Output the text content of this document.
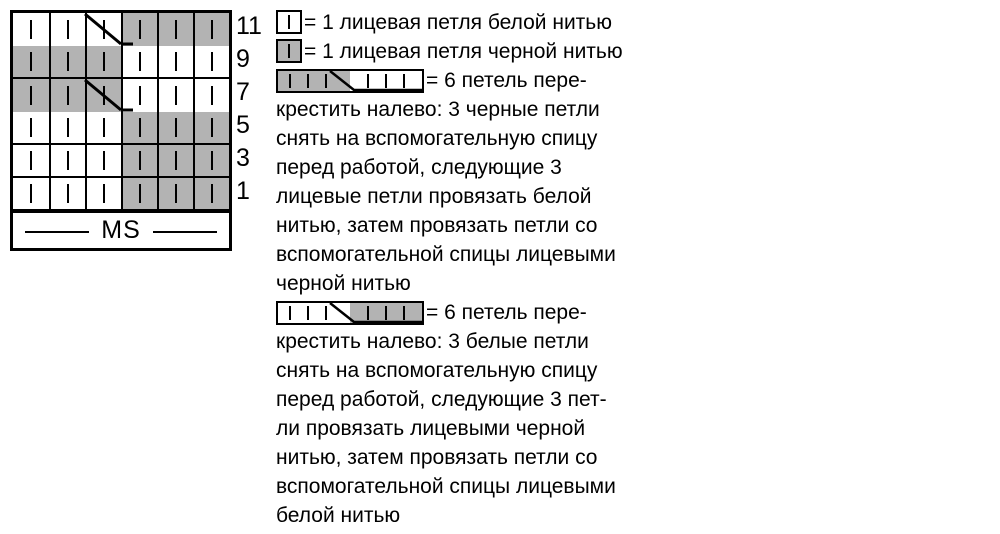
MS
11
9
7
5
3
1

= 1 лицевая петля белой нитью

= 1 лицевая петля черной нитью

= 6 петель пере-

крестить налево: 3 черные петли

снять на вспомогательную спицу

перед работой, следующие 3

лицевые петли провязать белой

нитью, затем провязать петли со

вспомогательной спицы лицевыми

черной нитью

= 6 петель пере-

крестить налево: 3 белые петли

снять на вспомогательную спицу

перед работой, следующие 3 пет-

ли провязать лицевыми черной

нитью, затем провязать петли со

вспомогательной спицы лицевыми

белой нитью
